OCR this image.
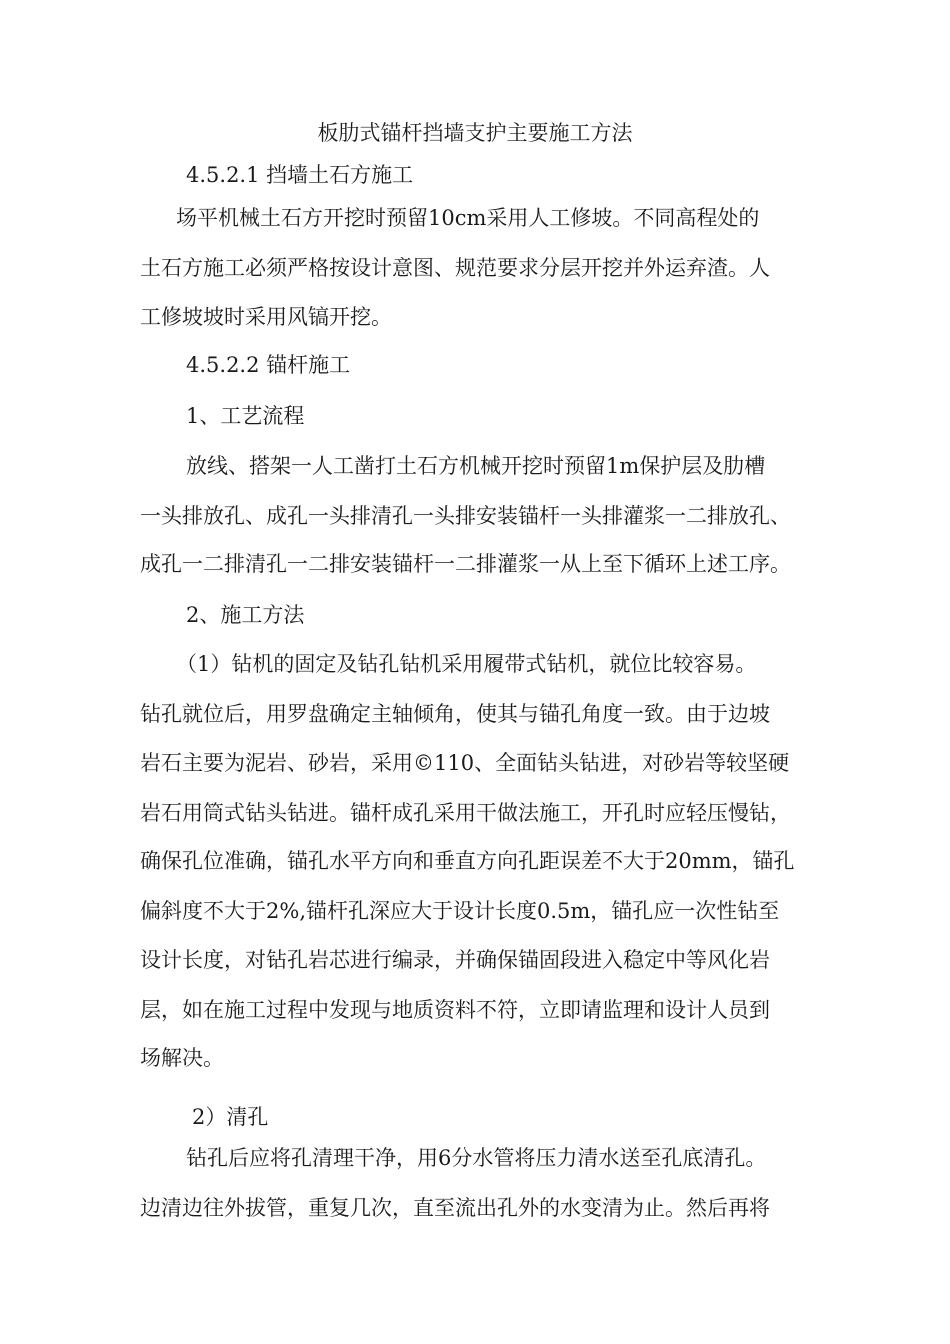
板肋式锚杆挡墙支护主要施工方法
4.5.2.1 挡墙土石方施工
场平机械土石方开挖时预留10cm采用人工修坡。不同高程处的
土石方施工必须严格按设计意图、规范要求分层开挖并外运弃渣。人
工修坡坡时采用风镐开挖。
4.5.2.2 锚杆施工
1、工艺流程
放线、搭架一人工凿打土石方机械开挖时预留1m保护层及肋槽
一头排放孔、成孔一头排清孔一头排安装锚杆一头排灌浆一二排放孔、
成孔一二排清孔一二排安装锚杆一二排灌浆一从上至下循环上述工序。
2、施工方法
（1）钻机的固定及钻孔钻机采用履带式钻机，就位比较容易。
钻孔就位后，用罗盘确定主轴倾角，使其与锚孔角度一致。由于边坡
岩石主要为泥岩、砂岩，采用©110、全面钻头钻进，对砂岩等较坚硬
岩石用筒式钻头钻进。锚杆成孔采用干做法施工，开孔时应轻压慢钻，
确保孔位准确，锚孔水平方向和垂直方向孔距误差不大于20mm，锚孔
偏斜度不大于2%,锚杆孔深应大于设计长度0.5m，锚孔应一次性钻至
设计长度，对钻孔岩芯进行编录，并确保锚固段进入稳定中等风化岩
层，如在施工过程中发现与地质资料不符，立即请监理和设计人员到
场解决。
2）清孔
钻孔后应将孔清理干净，用6分水管将压力清水送至孔底清孔。
边清边往外拔管，重复几次，直至流出孔外的水变清为止。然后再将
